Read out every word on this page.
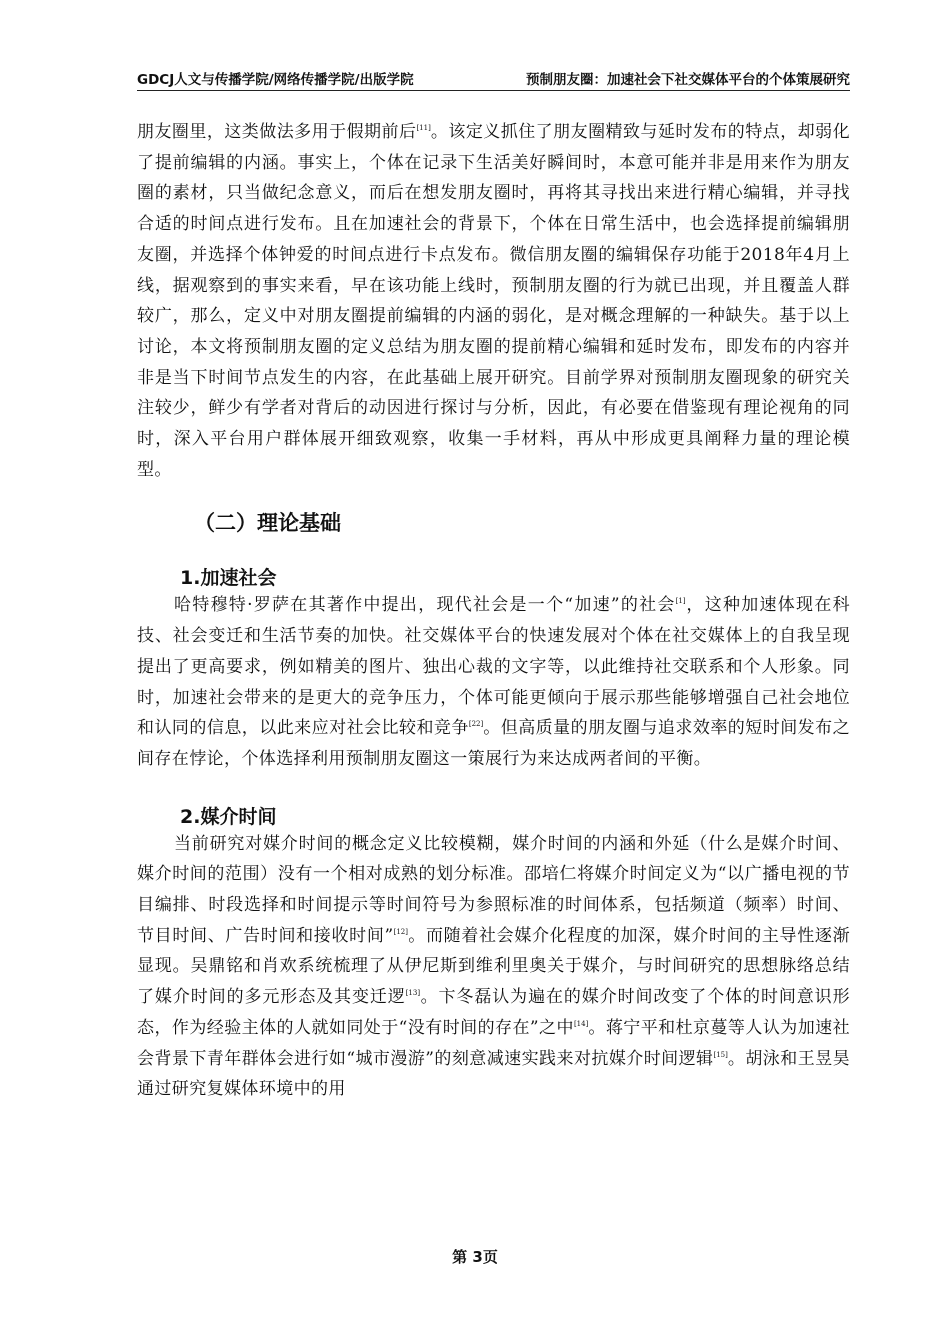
GDCJ人文与传播学院/网络传播学院/出版学院	预制朋友圈：加速社会下社交媒体平台的个体策展研究

朋友圈里，这类做法多用于假期前后[11]。该定义抓住了朋友圈精致与延时发布的特点，却弱化了提前编辑的内涵。事实上，个体在记录下生活美好瞬间时，本意可能并非是用来作为朋友圈的素材，只当做纪念意义，而后在想发朋友圈时，再将其寻找出来进行精心编辑，并寻找合适的时间点进行发布。且在加速社会的背景下，个体在日常生活中，也会选择提前编辑朋友圈，并选择个体钟爱的时间点进行卡点发布。微信朋友圈的编辑保存功能于2018年4月上线，据观察到的事实来看，早在该功能上线时，预制朋友圈的行为就已出现，并且覆盖人群较广，那么，定义中对朋友圈提前编辑的内涵的弱化，是对概念理解的一种缺失。基于以上讨论，本文将预制朋友圈的定义总结为朋友圈的提前精心编辑和延时发布，即发布的内容并非是当下时间节点发生的内容，在此基础上展开研究。目前学界对预制朋友圈现象的研究关注较少，鲜少有学者对背后的动因进行探讨与分析，因此，有必要在借鉴现有理论视角的同时，深入平台用户群体展开细致观察，收集一手材料，再从中形成更具阐释力量的理论模型。

（二）理论基础

1.加速社会

哈特穆特·罗萨在其著作中提出，现代社会是一个“加速”的社会[1]，这种加速体现在科技、社会变迁和生活节奏的加快。社交媒体平台的快速发展对个体在社交媒体上的自我呈现提出了更高要求，例如精美的图片、独出心裁的文字等，以此维持社交联系和个人形象。同时，加速社会带来的是更大的竞争压力，个体可能更倾向于展示那些能够增强自己社会地位和认同的信息，以此来应对社会比较和竞争[22]。但高质量的朋友圈与追求效率的短时间发布之间存在悖论，个体选择利用预制朋友圈这一策展行为来达成两者间的平衡。

2.媒介时间

当前研究对媒介时间的概念定义比较模糊，媒介时间的内涵和外延（什么是媒介时间、媒介时间的范围）没有一个相对成熟的划分标准。邵培仁将媒介时间定义为“以广播电视的节目编排、时段选择和时间提示等时间符号为参照标准的时间体系，包括频道（频率）时间、节目时间、广告时间和接收时间”[12]。而随着社会媒介化程度的加深，媒介时间的主导性逐渐显现。吴鼎铭和肖欢系统梳理了从伊尼斯到维利里奥关于媒介，与时间研究的思想脉络总结了媒介时间的多元形态及其变迁逻[13]。卞冬磊认为遍在的媒介时间改变了个体的时间意识形态，作为经验主体的人就如同处于“没有时间的存在”之中[14]。蒋宁平和杜京蔓等人认为加速社会背景下青年群体会进行如“城市漫游”的刻意减速实践来对抗媒介时间逻辑[15]。胡泳和王昱昊通过研究复媒体环境中的用

第 3页
